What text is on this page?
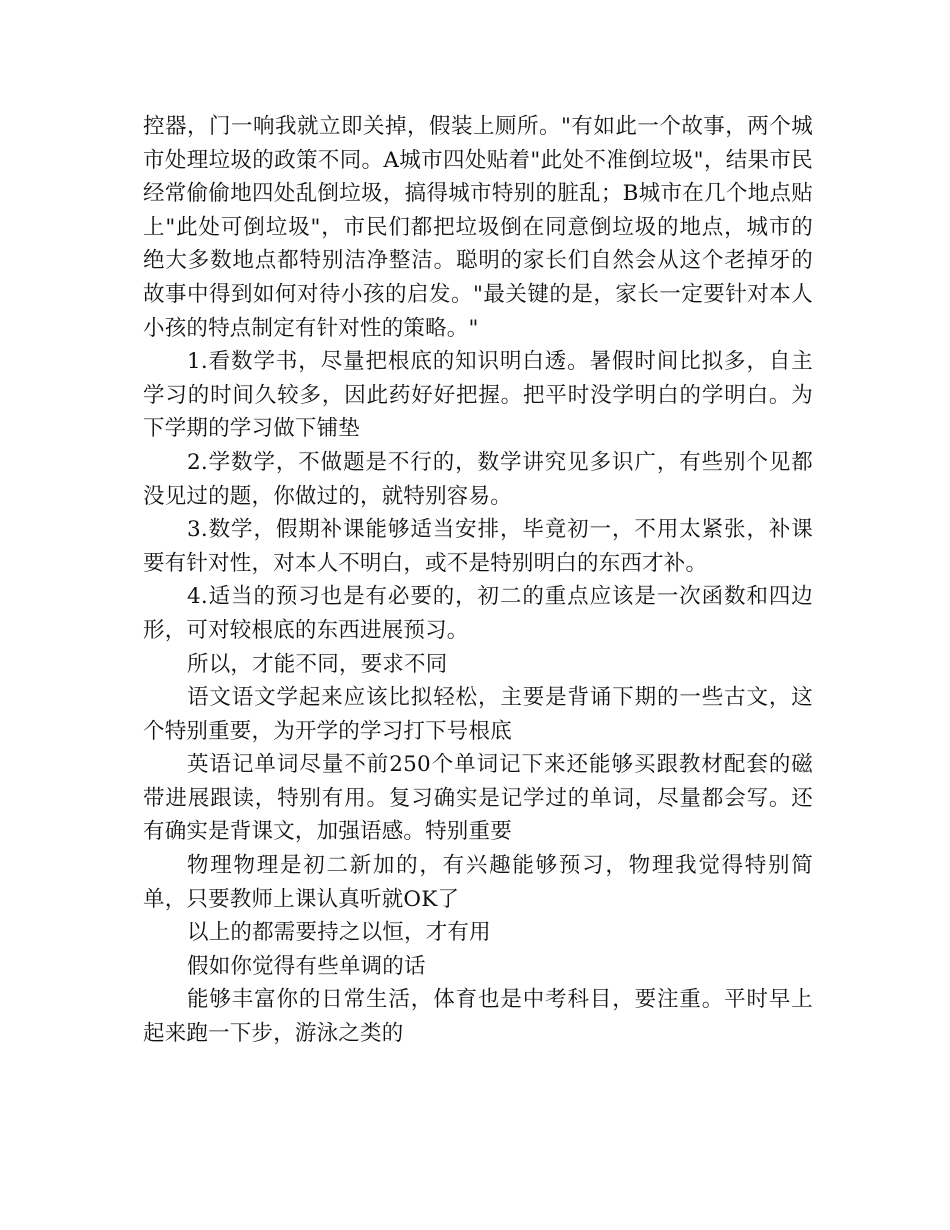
控器，门一响我就立即关掉，假装上厕所。"有如此一个故事，两个城市处理垃圾的政策不同。A城市四处贴着"此处不准倒垃圾"，结果市民经常偷偷地四处乱倒垃圾，搞得城市特别的脏乱；B城市在几个地点贴上"此处可倒垃圾"，市民们都把垃圾倒在同意倒垃圾的地点，城市的绝大多数地点都特别洁净整洁。聪明的家长们自然会从这个老掉牙的故事中得到如何对待小孩的启发。"最关键的是，家长一定要针对本人小孩的特点制定有针对性的策略。"

1.看数学书，尽量把根底的知识明白透。暑假时间比拟多，自主学习的时间久较多，因此药好好把握。把平时没学明白的学明白。为下学期的学习做下铺垫

2.学数学，不做题是不行的，数学讲究见多识广，有些别个见都没见过的题，你做过的，就特别容易。

3.数学，假期补课能够适当安排，毕竟初一，不用太紧张，补课要有针对性，对本人不明白，或不是特别明白的东西才补。

4.适当的预习也是有必要的，初二的重点应该是一次函数和四边形，可对较根底的东西进展预习。

所以，才能不同，要求不同

语文语文学起来应该比拟轻松，主要是背诵下期的一些古文，这个特别重要，为开学的学习打下号根底

英语记单词尽量不前250个单词记下来还能够买跟教材配套的磁带进展跟读，特别有用。复习确实是记学过的单词，尽量都会写。还有确实是背课文，加强语感。特别重要

物理物理是初二新加的，有兴趣能够预习，物理我觉得特别简单，只要教师上课认真听就OK了

以上的都需要持之以恒，才有用

假如你觉得有些单调的话

能够丰富你的日常生活，体育也是中考科目，要注重。平时早上起来跑一下步，游泳之类的
